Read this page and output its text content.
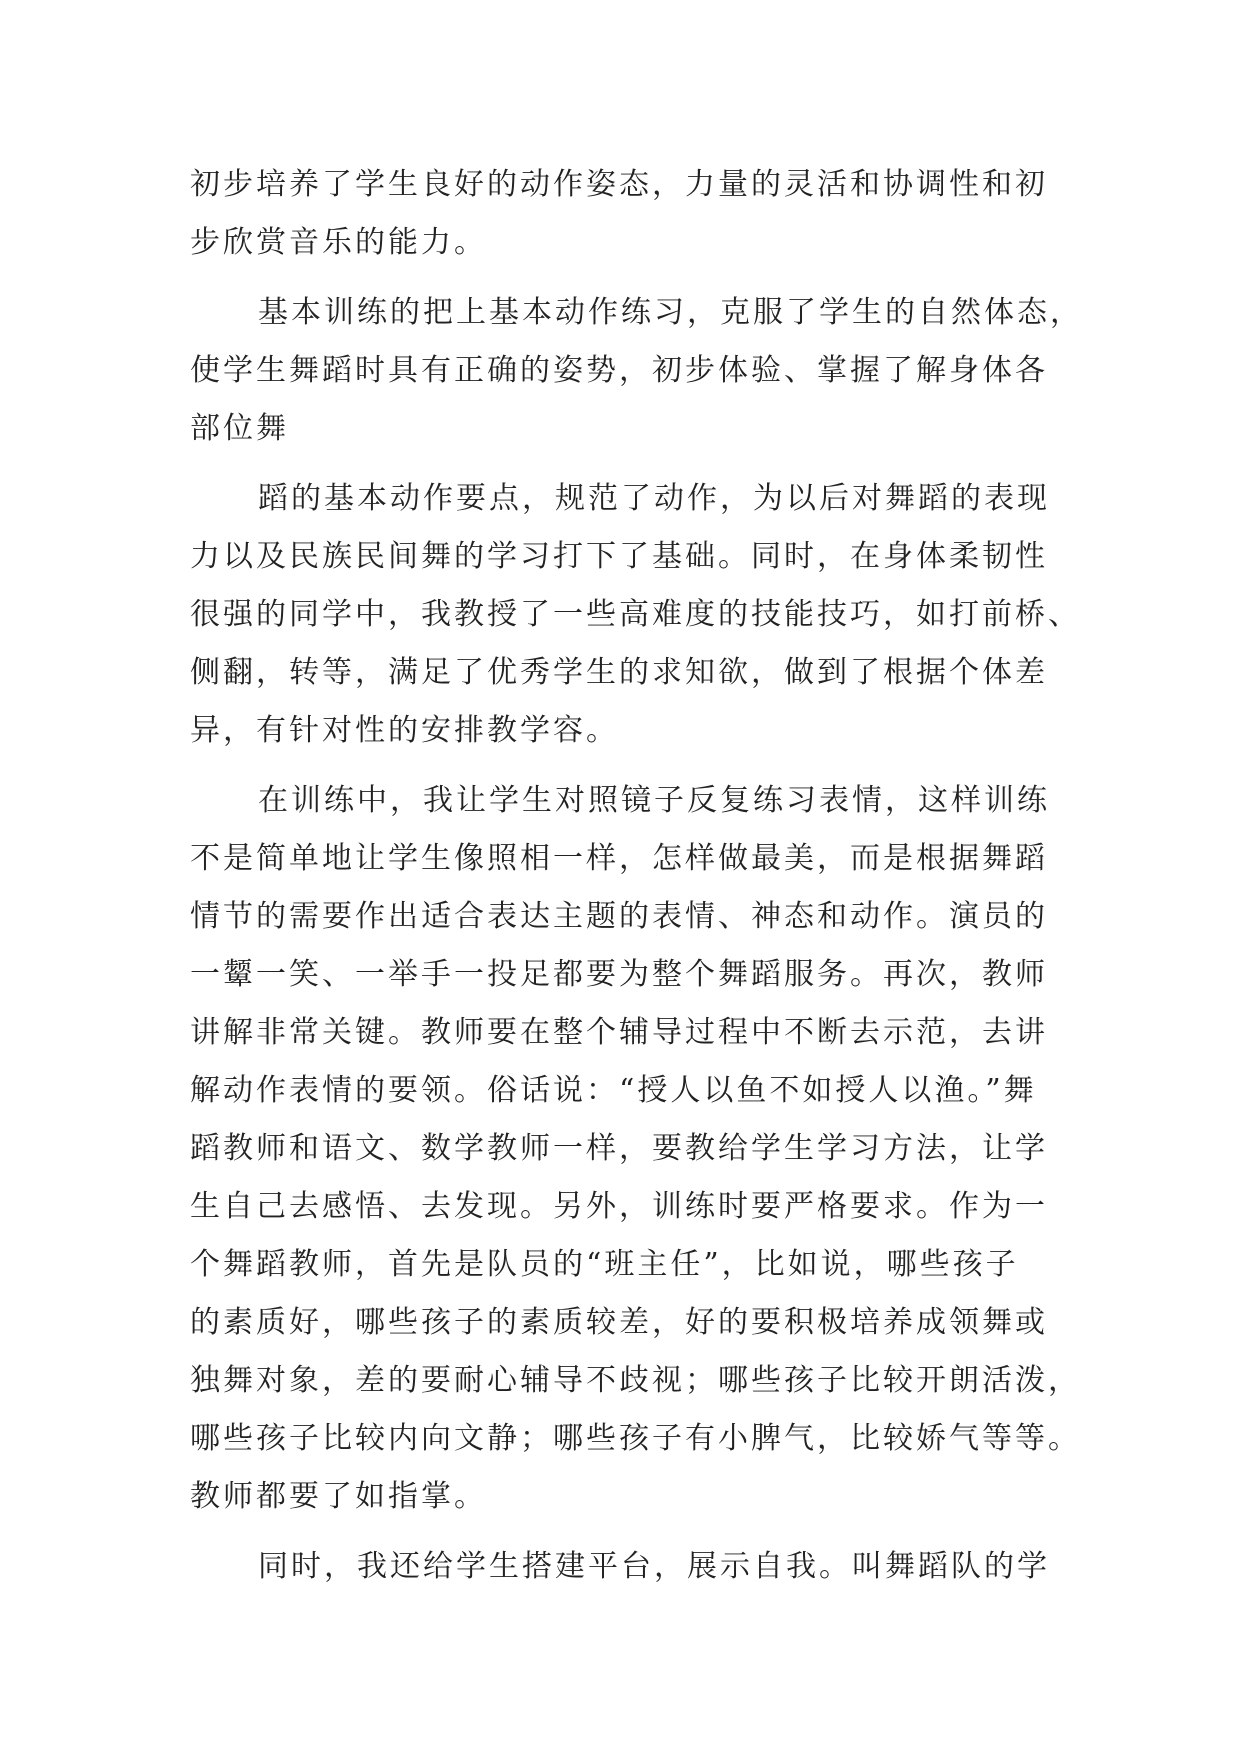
初步培养了学生良好的动作姿态，力量的灵活和协调性和初
步欣赏音乐的能力。
基本训练的把上基本动作练习，克服了学生的自然体态，
使学生舞蹈时具有正确的姿势，初步体验、掌握了解身体各
部位舞
蹈的基本动作要点，规范了动作，为以后对舞蹈的表现
力以及民族民间舞的学习打下了基础。同时，在身体柔韧性
很强的同学中，我教授了一些高难度的技能技巧，如打前桥、
侧翻，转等，满足了优秀学生的求知欲，做到了根据个体差
异，有针对性的安排教学容。
在训练中，我让学生对照镜子反复练习表情，这样训练
不是简单地让学生像照相一样，怎样做最美，而是根据舞蹈
情节的需要作出适合表达主题的表情、神态和动作。演员的
一颦一笑、一举手一投足都要为整个舞蹈服务。再次，教师
讲解非常关键。教师要在整个辅导过程中不断去示范，去讲
解动作表情的要领。俗话说：“授人以鱼不如授人以渔。”舞
蹈教师和语文、数学教师一样，要教给学生学习方法，让学
生自己去感悟、去发现。另外，训练时要严格要求。作为一
个舞蹈教师，首先是队员的“班主任”，比如说，哪些孩子
的素质好，哪些孩子的素质较差，好的要积极培养成领舞或
独舞对象，差的要耐心辅导不歧视；哪些孩子比较开朗活泼，
哪些孩子比较内向文静；哪些孩子有小脾气，比较娇气等等。
教师都要了如指掌。
同时，我还给学生搭建平台，展示自我。叫舞蹈队的学
